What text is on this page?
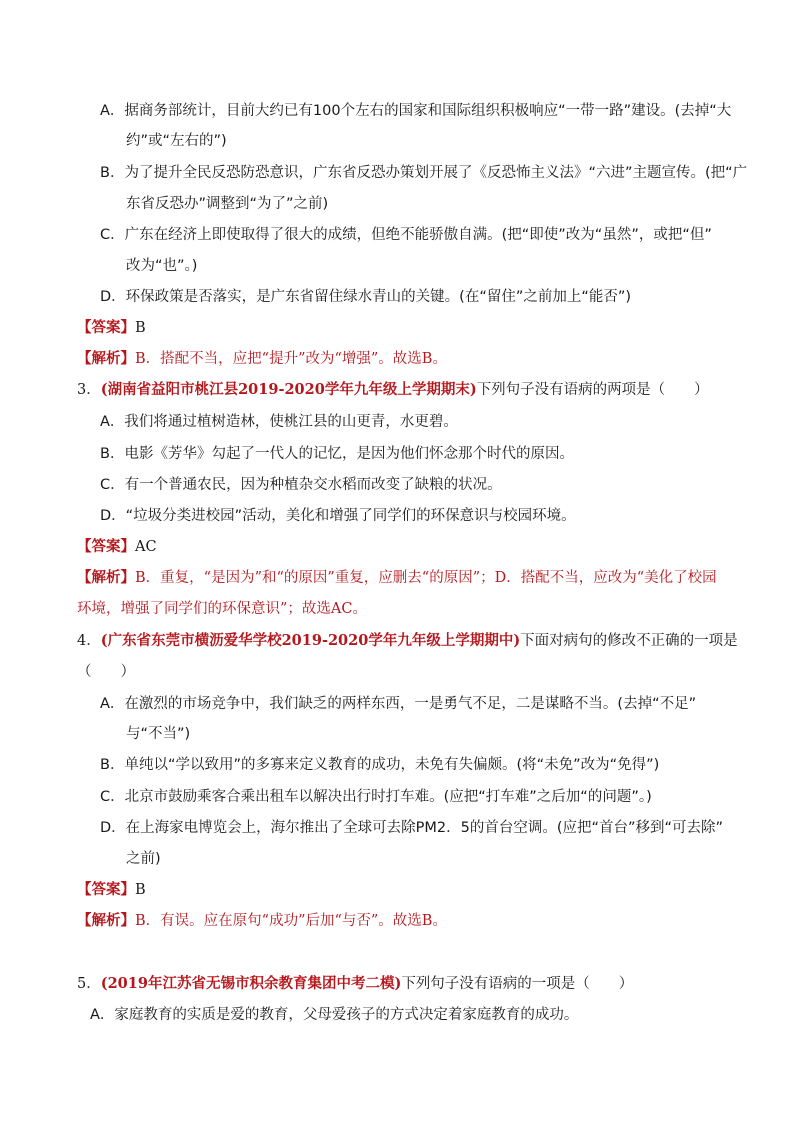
A．据商务部统计，目前大约已有100个左右的国家和国际组织积极响应“一带一路”建设。(去掉“大
约”或“左右的”)
B．为了提升全民反恐防恐意识，广东省反恐办策划开展了《反恐怖主义法》“六进”主题宣传。(把“广
东省反恐办”调整到“为了”之前)
C．广东在经济上即使取得了很大的成绩，但绝不能骄傲自满。(把“即使”改为“虽然”，或把“但”
改为“也”。)
D．环保政策是否落实，是广东省留住绿水青山的关键。(在“留住”之前加上“能否”)
【答案】B
【解析】B．搭配不当，应把“提升”改为“增强”。故选B。
3．(湖南省益阳市桃江县2019-2020学年九年级上学期期末)下列句子没有语病的两项是（　　）
A．我们将通过植树造林，使桃江县的山更青，水更碧。
B．电影《芳华》勾起了一代人的记忆，是因为他们怀念那个时代的原因。
C．有一个普通农民，因为种植杂交水稻而改变了缺粮的状况。
D．“垃圾分类进校园”活动，美化和增强了同学们的环保意识与校园环境。
【答案】AC
【解析】B．重复，“是因为”和“的原因”重复，应删去“的原因”；D．搭配不当，应改为“美化了校园
环境，增强了同学们的环保意识”；故选AC。
4．(广东省东莞市横沥爱华学校2019-2020学年九年级上学期期中)下面对病句的修改不正确的一项是
（　　）
A．在激烈的市场竞争中，我们缺乏的两样东西，一是勇气不足，二是谋略不当。(去掉“不足”
与“不当”)
B．单纯以“学以致用”的多寡来定义教育的成功，未免有失偏颇。(将“未免”改为“免得”)
C．北京市鼓励乘客合乘出租车以解决出行时打车难。(应把“打车难”之后加“的问题”。)
D．在上海家电博览会上，海尔推出了全球可去除PM2．5的首台空调。(应把“首台”移到“可去除”
之前)
【答案】B
【解析】B．有误。应在原句“成功”后加“与否”。故选B。
5．(2019年江苏省无锡市积余教育集团中考二模)下列句子没有语病的一项是（　　）
A．家庭教育的实质是爱的教育，父母爱孩子的方式决定着家庭教育的成功。
